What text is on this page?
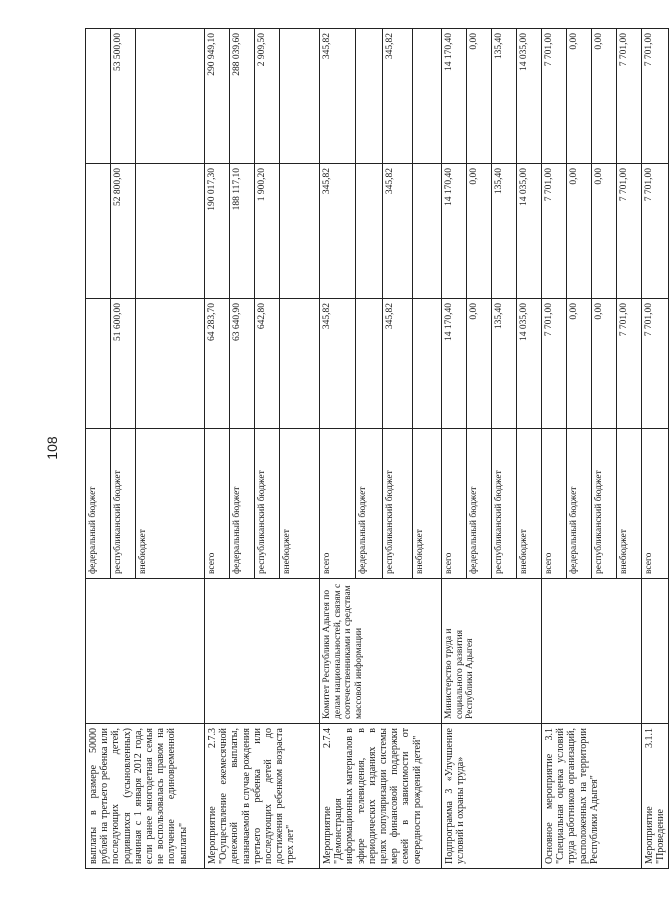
108
выплаты в размере 50000 рублей на третьего ребенка или последующих детей, родившихся (усыновленных) начиная с 1 января 2012 года, если ранее многодетная семья не воспользовалась правом на получение единовременной выплаты"		федеральный бюджет			
		республиканский бюджет	51 600,00	52 800,00	53 500,00
		внебюджет			
Мероприятие 2.7.3 "Осуществление ежемесячной денежной выплаты, назначаемой в случае рождения третьего ребенка или последующих детей до достижения ребенком возраста трех лет"		всего	64 283,70	190 017,30	290 949,10
		федеральный бюджет	63 640,90	188 117,10	288 039,60
		республиканский бюджет	642,80	1 900,20	2 909,50
		внебюджет			
Мероприятие 2.7.4 "Демонстрация информационных материалов в эфире телевидения, в периодических изданиях в целях популяризации системы мер финансовой поддержки семей в зависимости от очередности рождений детей"	Комитет Республики Адыгея по делам национальностей, связям с соотечественниками и средствам массовой информации	всего	345,82	345,82	345,82
		федеральный бюджет			
		республиканский бюджет	345,82	345,82	345,82
		внебюджет			
Подпрограмма 3 «Улучшение условий и охраны труда»	Министерство труда и социального развития Республики Адыгея	всего	14 170,40	14 170,40	14 170,40
		федеральный бюджет	0,00	0,00	0,00
		республиканский бюджет	135,40	135,40	135,40
		внебюджет	14 035,00	14 035,00	14 035,00
Основное мероприятие 3.1 "Специальная оценка условий труда работников организаций, расположенных на территории Республики Адыгея"		всего	7 701,00	7 701,00	7 701,00
		федеральный бюджет	0,00	0,00	0,00
		республиканский бюджет	0,00	0,00	0,00
		внебюджет	7 701,00	7 701,00	7 701,00
Мероприятие 3.1.1 "Проведение		всего	7 701,00	7 701,00	7 701,00
